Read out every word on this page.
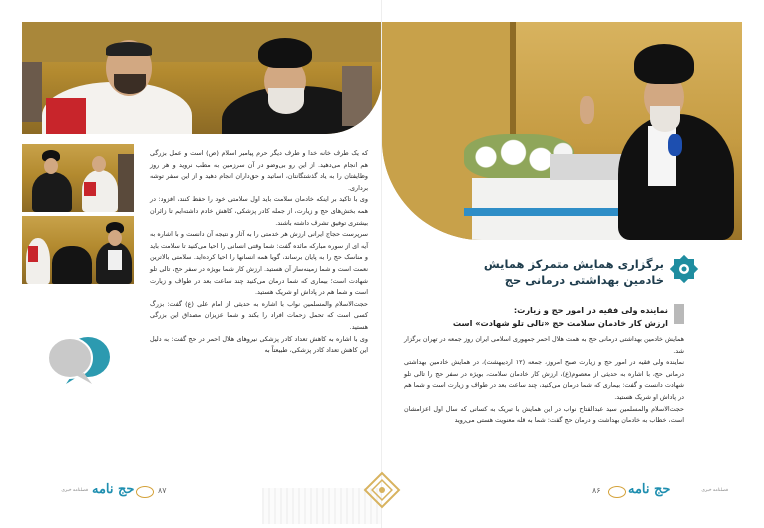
که یک طرف خانه خدا و طرف دیگر حرم پیامبر اسلام (ص) است و عمل بزرگی هم انجام می‌دهید. از این رو بی‌وضو در آن سرزمین به مطب نروید و هر روز وظایفتان را به یاد گذشتگانتان، اساتید و حق‌داران انجام دهید و از این سفر توشه برداری.

وی با تاکید بر اینکه خادمان سلامت باید اول سلامتی خود را حفظ کنند، افزود: در همه بخش‌های حج و زیارت، از جمله کادر پزشکی، کاهش خادم داشته‌ایم تا زائران بیشتری توفیق تشرف داشته باشند.

سرپرست حجاج ایرانی ارزش هر خدمتی را به آثار و نتیجه آن دانست و با اشاره به آیه ای از سوره مبارکه مائده گفت: شما وقتی انسانی را احیا می‌کنید تا سلامت باید و مناسک حج را به پایان برساند، گویا همه انسانها را احیا کرده‌اید. سلامتی بالاترین نعمت است و شما زمینه‌ساز آن هستید. ارزش کار شما بویژه در سفر حج، تالی تلو شهادت است؛ بیماری که شما درمان می‌کنید چند ساعت بعد در طواف و زیارت است و شما هم در پاداش او شریک هستید.

حجت‌الاسلام والمسلمین نواب با اشاره به حدیثی از امام علی (ع) گفت: بزرگ کسی است که تحمل زحمات افراد را بکند و شما عزیزان مصداق این بزرگی هستید.

وی با اشاره به کاهش تعداد کادر پزشکی نیروهای هلال احمر در حج گفت: به دلیل این کاهش تعداد کادر پزشکی، طبیعتاً به

فصلنامه خبری حج نامه	۸۷
برگزاری همایش متمرکز همایش
خادمین بهداشتی درمانی حج
نماینده ولی فقیه در امور حج و زیارت:
ارزش کار خادمان سلامت حج «تالی تلو شهادت» است

همایش خادمین بهداشتی درمانی حج به همت هلال احمر جمهوری اسلامی ایران روز جمعه در تهران برگزار شد.

نماینده ولی فقیه در امور حج و زیارت صبح امروز، جمعه (۱۲ اردیبهشت)، در همایش خادمین بهداشتی درمانی حج، با اشاره به حدیثی از معصوم(ع)، ارزش کار خادمان سلامت، بویژه در سفر حج را تالی تلو شهادت دانست و گفت: بیماری که شما درمان می‌کنید، چند ساعت بعد در طواف و زیارت است و شما هم در پاداش او شریک هستید.

حجت‌الاسلام والمسلمین سید عبدالفتاح نواب در این همایش با تبریک به کسانی که سال اول اعزامشان است، خطاب به خادمان بهداشت و درمان حج گفت: شما به قله معنویت هستی می‌روید

۸۶ حج نامه	فصلنامه خبری
